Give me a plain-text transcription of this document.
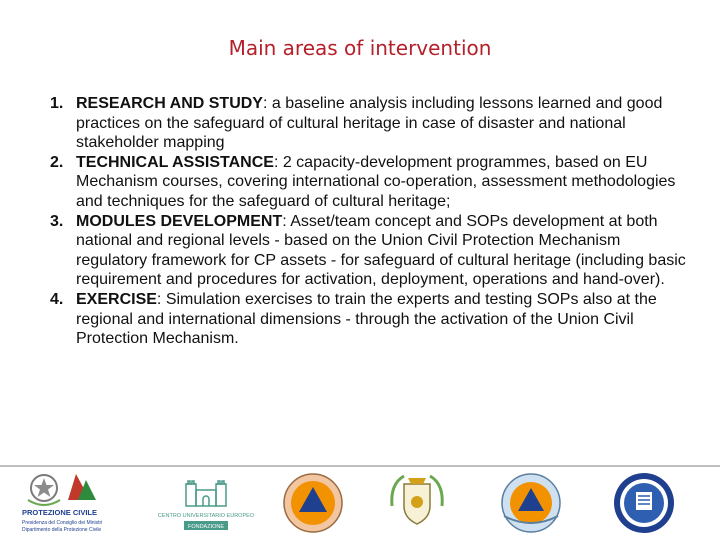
Main areas of intervention
1. RESEARCH AND STUDY: a baseline analysis including lessons learned and good practices on the safeguard of cultural heritage in case of disaster and national stakeholder mapping
2. TECHNICAL ASSISTANCE: 2 capacity-development programmes, based on EU Mechanism courses, covering international co-operation, assessment methodologies and techniques for the safeguard of cultural heritage;
3. MODULES DEVELOPMENT: Asset/team concept and SOPs development at both national and regional levels - based on the Union Civil Protection Mechanism regulatory framework for CP assets - for safeguard of cultural heritage (including basic requirement and procedures for activation, deployment, operations and hand-over).
4. EXERCISE: Simulation exercises to train the experts and testing SOPs also at the regional and international dimensions - through the activation of the Union Civil Protection Mechanism.
PROTEZIONE CIVILE
Presidenza del Consiglio dei Ministri
Dipartimento della Protezione Civile
CENTRO UNIVERSITARIO EUROPEO
FONDAZIONE
